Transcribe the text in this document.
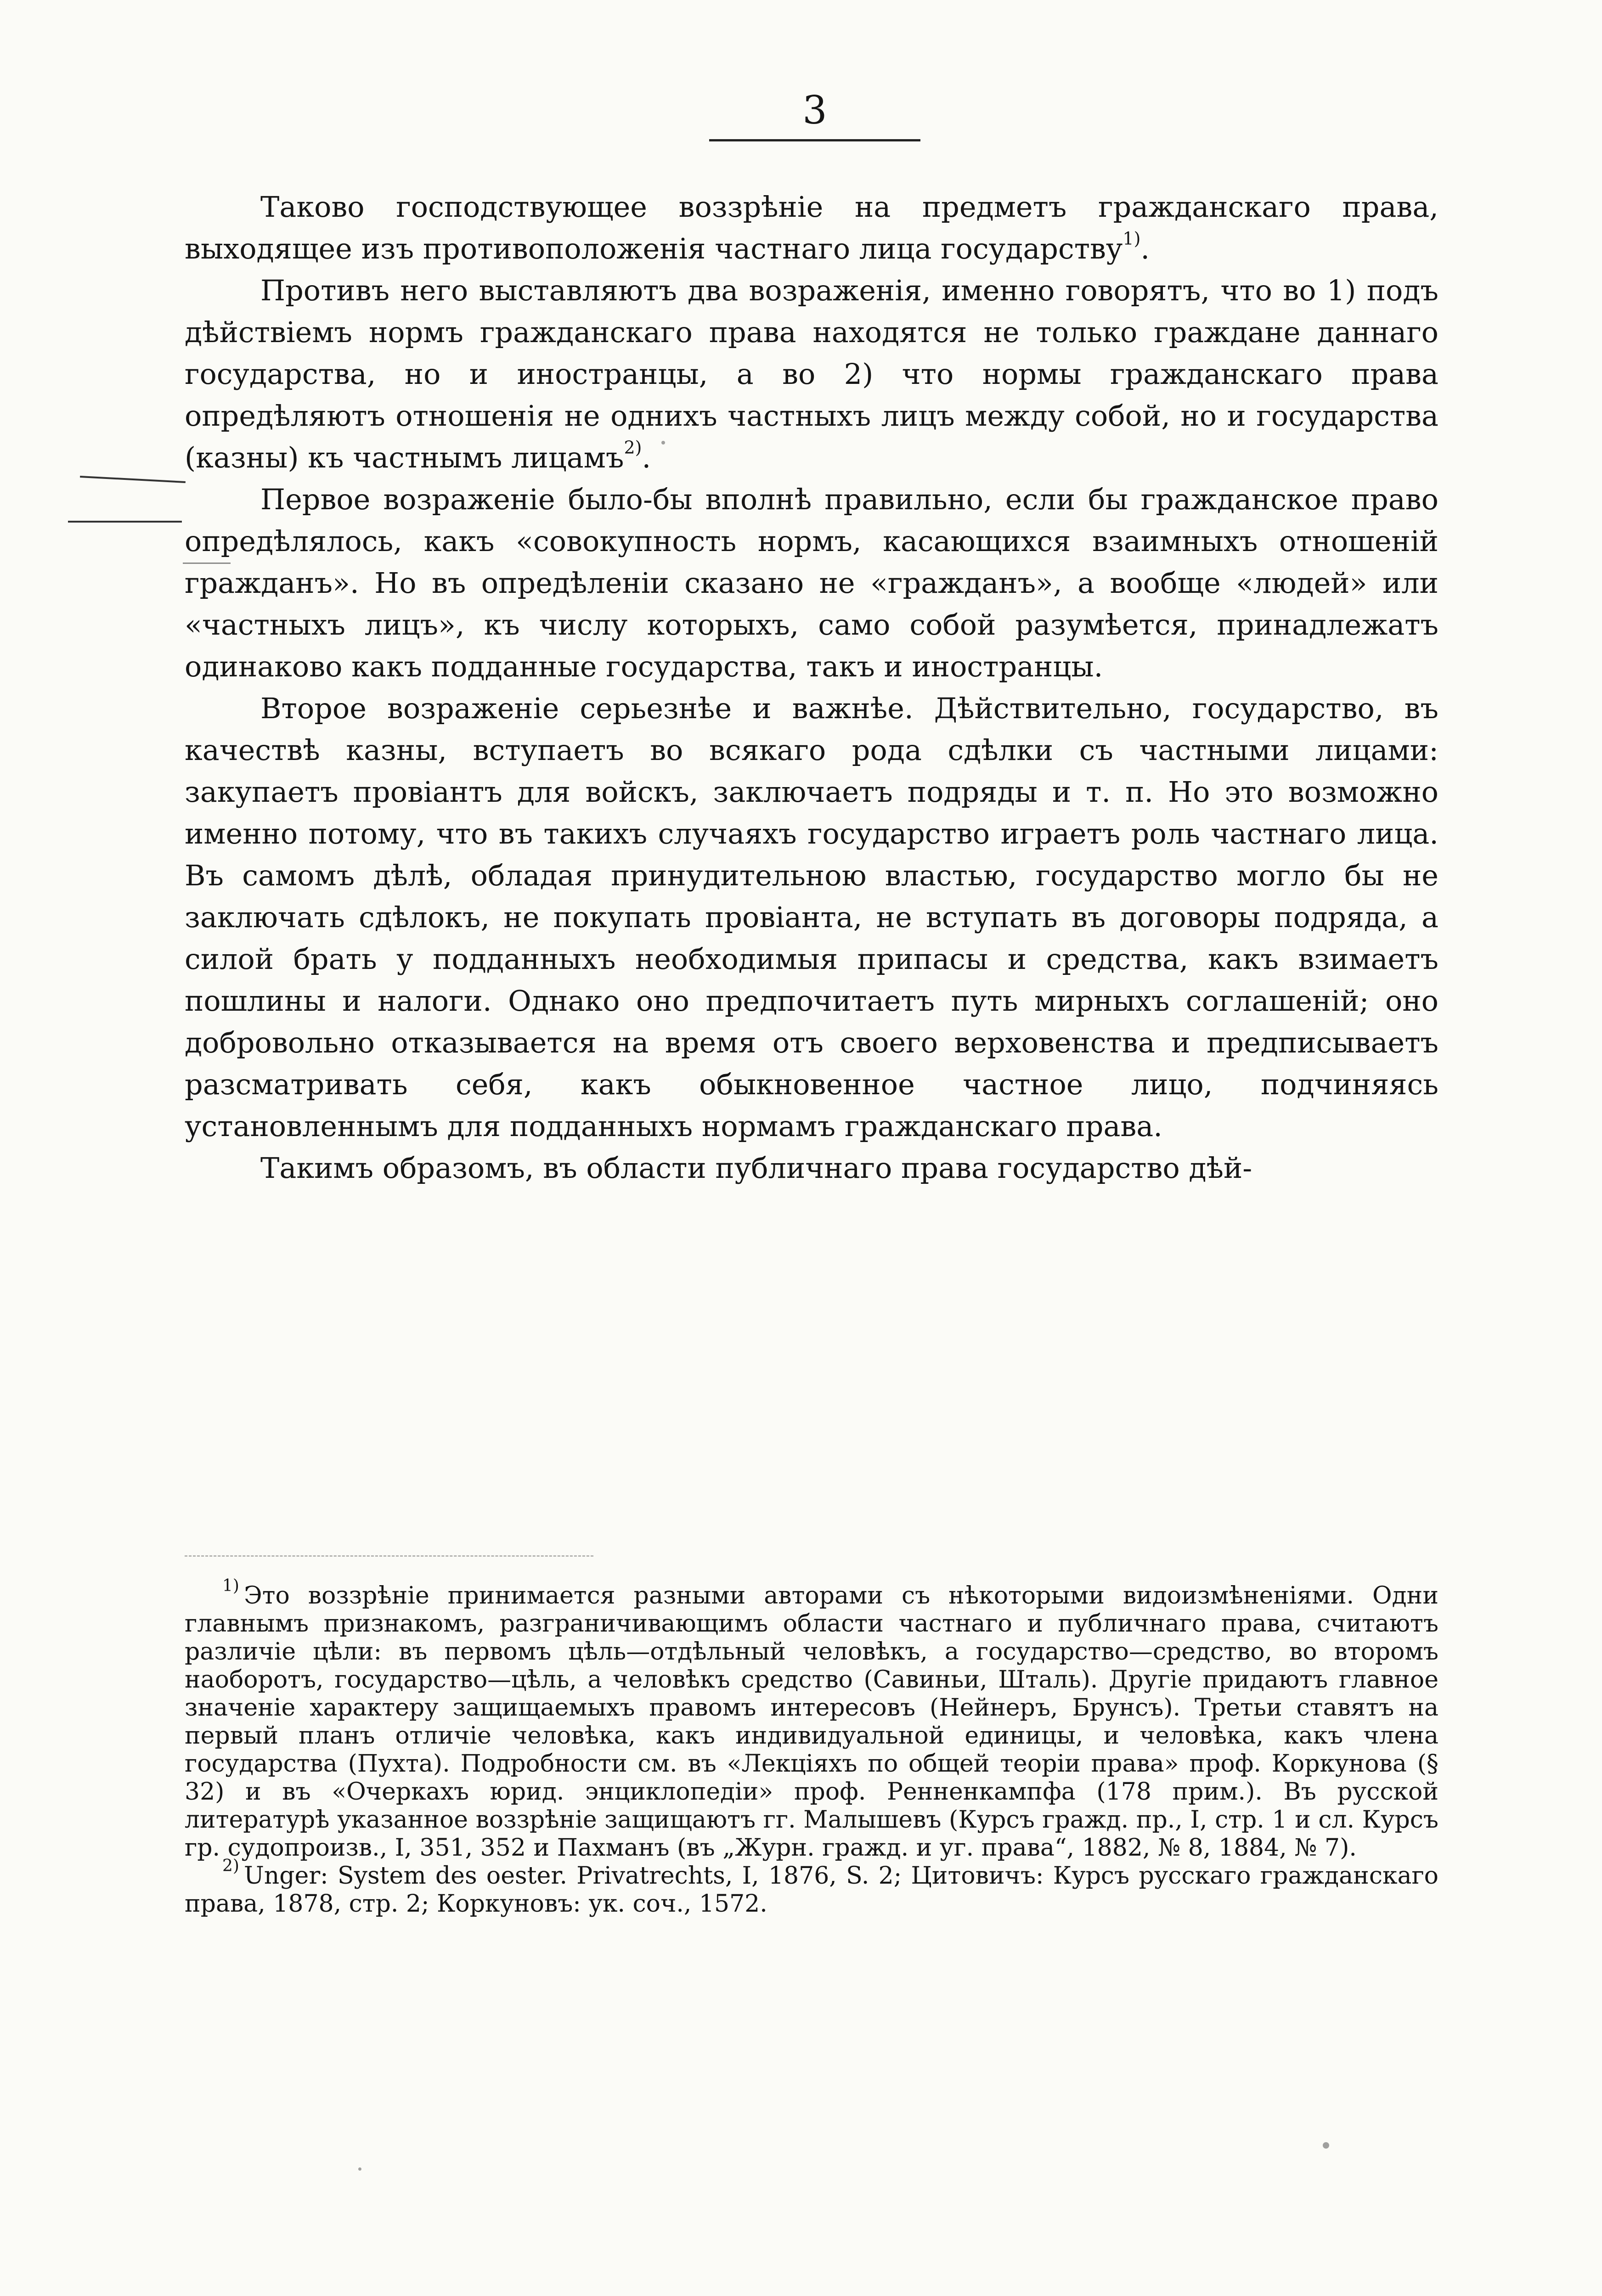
3

Таково господствующее воззрѣніе на предметъ гражданскаго права, выходящее изъ противоположенія частнаго лица государству$^{1)}$.

Противъ него выставляютъ два возраженія, именно говорятъ, что во 1) подъ дѣйствіемъ нормъ гражданскаго права находятся не только граждане даннаго государства, но и иностранцы, а во 2) что нормы гражданскаго права опредѣляютъ отношенія не однихъ частныхъ лицъ между собой, но и государства (казны) къ частнымъ лицамъ$^{2)}$.

Первое возраженіе было-бы вполнѣ правильно, если бы гражданское право опредѣлялось, какъ «совокупность нормъ, касающихся взаимныхъ отношеній гражданъ». Но въ опредѣленіи сказано не «гражданъ», а вообще «людей» или «частныхъ лицъ», къ числу которыхъ, само собой разумѣется, принадлежатъ одинаково какъ подданные государства, такъ и иностранцы.

Второе возраженіе серьезнѣе и важнѣе. Дѣйствительно, государство, въ качествѣ казны, вступаетъ во всякаго рода сдѣлки съ частными лицами: закупаетъ провіантъ для войскъ, заключаетъ подряды и т. п. Но это возможно именно потому, что въ такихъ случаяхъ государство играетъ роль частнаго лица. Въ самомъ дѣлѣ, обладая принудительною властью, государство могло бы не заключать сдѣлокъ, не покупать провіанта, не вступать въ договоры подряда, а силой брать у подданныхъ необходимыя припасы и средства, какъ взимаетъ пошлины и налоги. Однако оно предпочитаетъ путь мирныхъ соглашеній; оно добровольно отказывается на время отъ своего верховенства и предписываетъ разсматривать себя, какъ обыкновенное частное лицо, подчиняясь установленнымъ для подданныхъ нормамъ гражданскаго права.

Такимъ образомъ, въ области публичнаго права государство дѣй-

$^{1)}$ Это воззрѣніе принимается разными авторами съ нѣкоторыми видоизмѣненіями. Одни главнымъ признакомъ, разграничивающимъ области частнаго и публичнаго права, считаютъ различіе цѣли: въ первомъ цѣль—отдѣльный человѣкъ, а государство—средство, во второмъ наоборотъ, государство—цѣль, а человѣкъ средство (Савиньи, Шталь). Другіе придаютъ главное значеніе характеру защищаемыхъ правомъ интересовъ (Нейнеръ, Брунсъ). Третьи ставятъ на первый планъ отличіе человѣка, какъ индивидуальной единицы, и человѣка, какъ члена государства (Пухта). Подробности см. въ «Лекціяхъ по общей теоріи права» проф. Коркунова (§ 32) и въ «Очеркахъ юрид. энциклопедіи» проф. Ренненкампфа (178 прим.). Въ русской литературѣ указанное воззрѣніе защищаютъ гг. Малышевъ (Курсъ гражд. пр., I, стр. 1 и сл. Курсъ гр. судопроизв., I, 351, 352 и Пахманъ (въ „Журн. гражд. и уг. права“, 1882, № 8, 1884, № 7).

$^{2)}$ Unger: System des oester. Privatrechts, I, 1876, S. 2; Цитовичъ: Курсъ русскаго гражданскаго права, 1878, стр. 2; Коркуновъ: ук. соч., 1572.
